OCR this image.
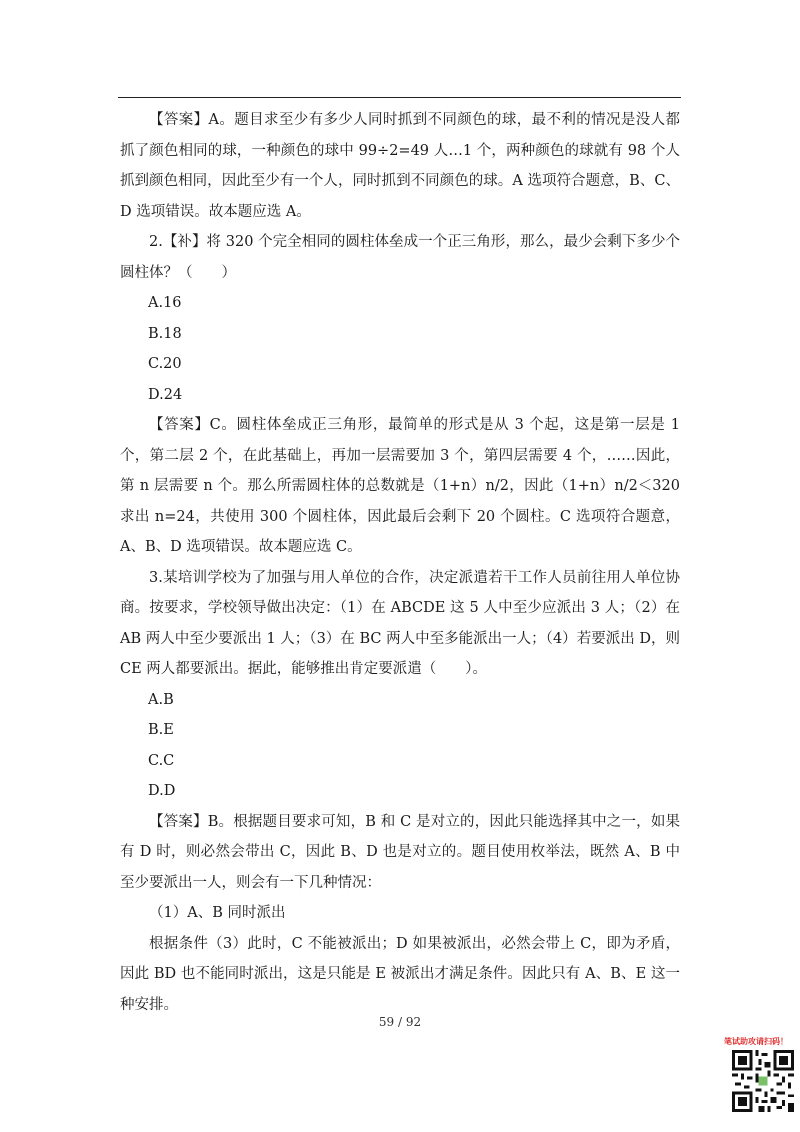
【答案】A。题目求至少有多少人同时抓到不同颜色的球，最不利的情况是没人都抓了颜色相同的球，一种颜色的球中 99÷2=49 人…1 个，两种颜色的球就有 98 个人抓到颜色相同，因此至少有一个人，同时抓到不同颜色的球。A 选项符合题意，B、C、D 选项错误。故本题应选 A。

2.【补】将 320 个完全相同的圆柱体垒成一个正三角形，那么，最少会剩下多少个圆柱体？（　　）

A.16

B.18

C.20

D.24

【答案】C。圆柱体垒成正三角形，最简单的形式是从 3 个起，这是第一层是 1 个，第二层 2 个，在此基础上，再加一层需要加 3 个，第四层需要 4 个，……因此，第 n 层需要 n 个。那么所需圆柱体的总数就是（1+n）n/2，因此（1+n）n/2＜320 求出 n=24，共使用 300 个圆柱体，因此最后会剩下 20 个圆柱。C 选项符合题意，A、B、D 选项错误。故本题应选 C。

3.某培训学校为了加强与用人单位的合作，决定派遣若干工作人员前往用人单位协商。按要求，学校领导做出决定：（1）在 ABCDE 这 5 人中至少应派出 3 人；（2）在 AB 两人中至少要派出 1 人；（3）在 BC 两人中至多能派出一人；（4）若要派出 D，则 CE 两人都要派出。据此，能够推出肯定要派遣（　　）。

A.B

B.E

C.C

D.D

【答案】B。根据题目要求可知，B 和 C 是对立的，因此只能选择其中之一，如果有 D 时，则必然会带出 C，因此 B、D 也是对立的。题目使用枚举法，既然 A、B 中至少要派出一人，则会有一下几种情况：

（1）A、B 同时派出

根据条件（3）此时，C 不能被派出；D 如果被派出，必然会带上 C，即为矛盾，因此 BD 也不能同时派出，这是只能是 E 被派出才满足条件。因此只有 A、B、E 这一种安排。

59 / 92
笔试助攻请扫码！
